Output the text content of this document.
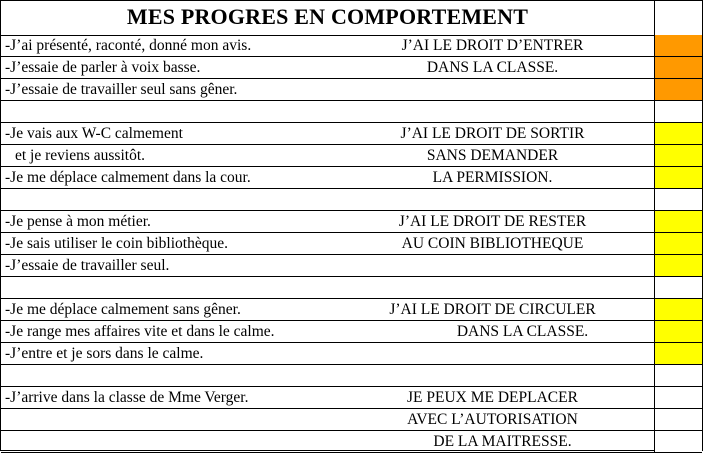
MES PROGRES EN COMPORTEMENT
-J’ai présenté, raconté, donné mon avis.	J’AI LE DROIT D’ENTRER
-J’essaie de parler à voix basse.	DANS LA CLASSE.
-J’essaie de travailler seul sans gêner.
-Je vais aux W-C calmement	J’AI LE DROIT DE SORTIR
et je reviens aussitôt.	SANS DEMANDER
-Je me déplace calmement dans la cour.	LA PERMISSION.
-Je pense à mon métier.	J’AI LE DROIT DE RESTER
-Je sais utiliser le coin bibliothèque.	AU COIN BIBLIOTHEQUE
-J’essaie de travailler seul.
-Je me déplace calmement sans gêner.	J’AI LE DROIT DE CIRCULER
-Je range mes affaires vite et dans le calme.	DANS LA CLASSE.
-J’entre et je sors dans le calme.
-J’arrive dans la classe de Mme Verger.	JE PEUX ME DEPLACER
AVEC L’AUTORISATION
DE LA MAITRESSE.
